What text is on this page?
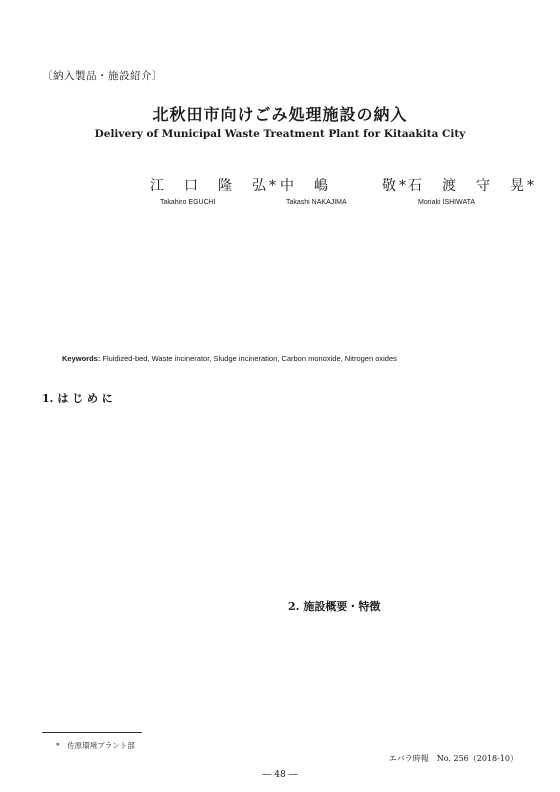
〔納入製品・施設紹介〕
北秋田市向けごみ処理施設の納入
Delivery of Municipal Waste Treatment Plant for Kitaakita City
江　口　隆　弘*
Takahiro EGUCHI
中　嶋　　　敬*
Takashi NAKAJIMA
石　渡　守　晃*
Moriaki ISHIWATA
Keywords: Fluidized-bed, Waste incinerator, Sludge incineration, Carbon monoxide, Nitrogen oxides
1. は じ め に
2. 施設概要・特徴
*　佐原環境プラント部
エバラ時報　No. 256（2018-10）
― 48 ―
